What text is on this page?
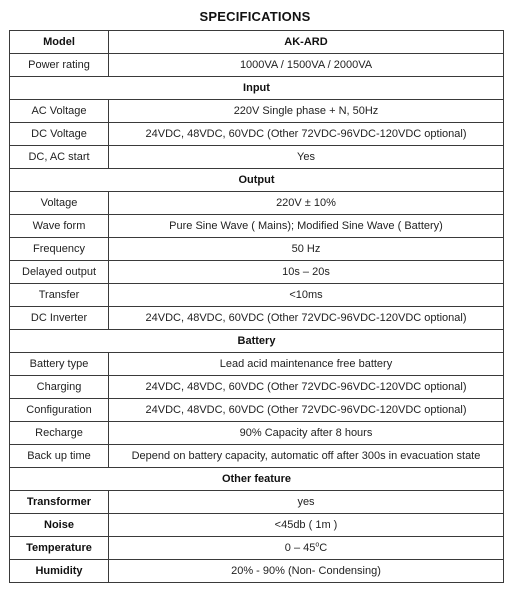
SPECIFICATIONS
Model	AK-ARD
Power rating	1000VA / 1500VA / 2000VA
Input	
AC Voltage	220V Single phase + N, 50Hz
DC Voltage	24VDC, 48VDC, 60VDC (Other 72VDC-96VDC-120VDC optional)
DC, AC start	Yes
Output	
Voltage	220V ± 10%
Wave form	Pure Sine Wave ( Mains); Modified Sine Wave ( Battery)
Frequency	50 Hz
Delayed output	10s – 20s
Transfer	<10ms
DC Inverter	24VDC, 48VDC, 60VDC (Other 72VDC-96VDC-120VDC optional)
Battery	
Battery type	Lead acid maintenance free battery
Charging	24VDC, 48VDC, 60VDC (Other 72VDC-96VDC-120VDC optional)
Configuration	24VDC, 48VDC, 60VDC (Other 72VDC-96VDC-120VDC optional)
Recharge	90% Capacity after 8 hours
Back up time	Depend on battery capacity, automatic off after 300s in evacuation state
Other feature	
Transformer	yes
Noise	<45db ( 1m )
Temperature	0 – 45$^o$C
Humidity	20% - 90% (Non- Condensing)
